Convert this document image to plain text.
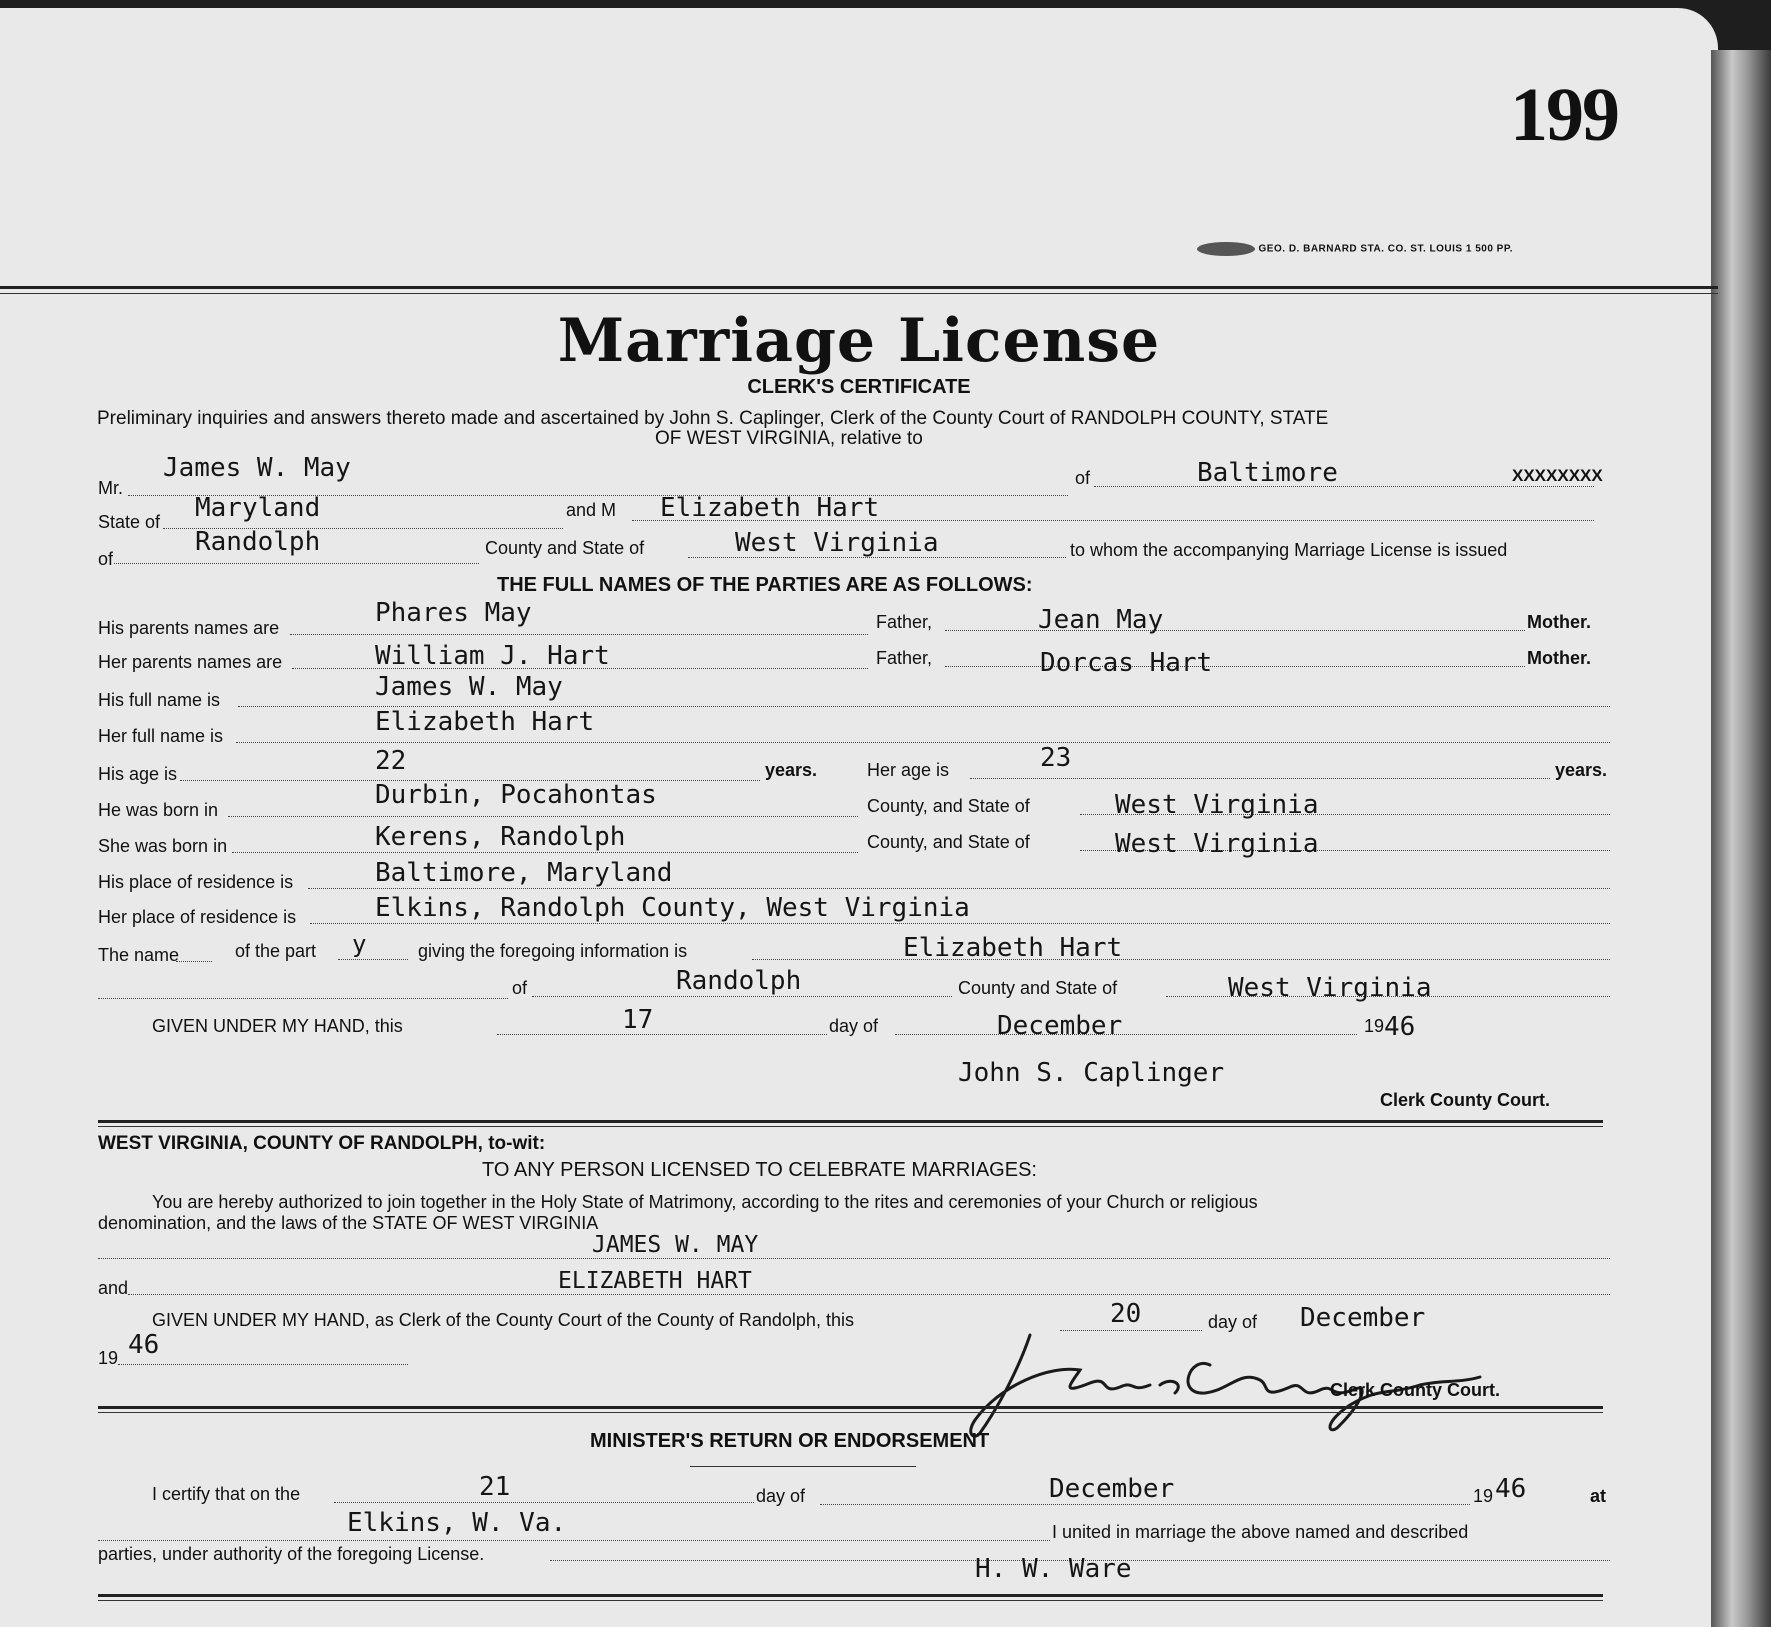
199
GEO. D. BARNARD STA. CO. ST. LOUIS 1 500 PP.
Marriage License
CLERK'S CERTIFICATE
Preliminary inquiries and answers thereto made and ascertained by John S. Caplinger, Clerk of the County Court of RANDOLPH COUNTY, STATE
OF WEST VIRGINIA, relative to
Mr.
James W. May	of	Baltimore	XXXXXXXX
State of Maryland	and M Elizabeth Hart
of
Randolph	County and State of	West Virginia	to whom the accompanying Marriage License is issued
THE FULL NAMES OF THE PARTIES ARE AS FOLLOWS:
His parents names are	Phares May	Father,	Jean May	Mother.
Her parents names are	William J. Hart	Father,	Dorcas Hart	Mother.
His full name is	James W. May
Her full name is	Elizabeth Hart
His age is	22	years.	Her age is	23	years.
He was born in	Durbin, Pocahontas	County, and State of	West Virginia
She was born in	Kerens, Randolph	County, and State of	West Virginia
His place of residence is	Baltimore, Maryland
Her place of residence is	Elkins, Randolph County, West Virginia
The name	of the part y	giving the foregoing information is	Elizabeth Hart
of	Randolph	County and State of	West Virginia
GIVEN UNDER MY HAND, this	17	day of	December	19 46
John S. Caplinger
Clerk County Court.
WEST VIRGINIA, COUNTY OF RANDOLPH, to-wit:
TO ANY PERSON LICENSED TO CELEBRATE MARRIAGES:
You are hereby authorized to join together in the Holy State of Matrimony, according to the rites and ceremonies of your Church or religious
denomination, and the laws of the STATE OF WEST VIRGINIA
JAMES W. MAY
and	ELIZABETH HART
GIVEN UNDER MY HAND, as Clerk of the County Court of the County of Randolph, this	20	day of December
19 46
Clerk County Court.
MINISTER'S RETURN OR ENDORSEMENT
I certify that on the	21	day of	December	19 46	at
Elkins, W. Va.	I united in marriage the above named and described
parties, under authority of the foregoing License.	H. W. Ware
